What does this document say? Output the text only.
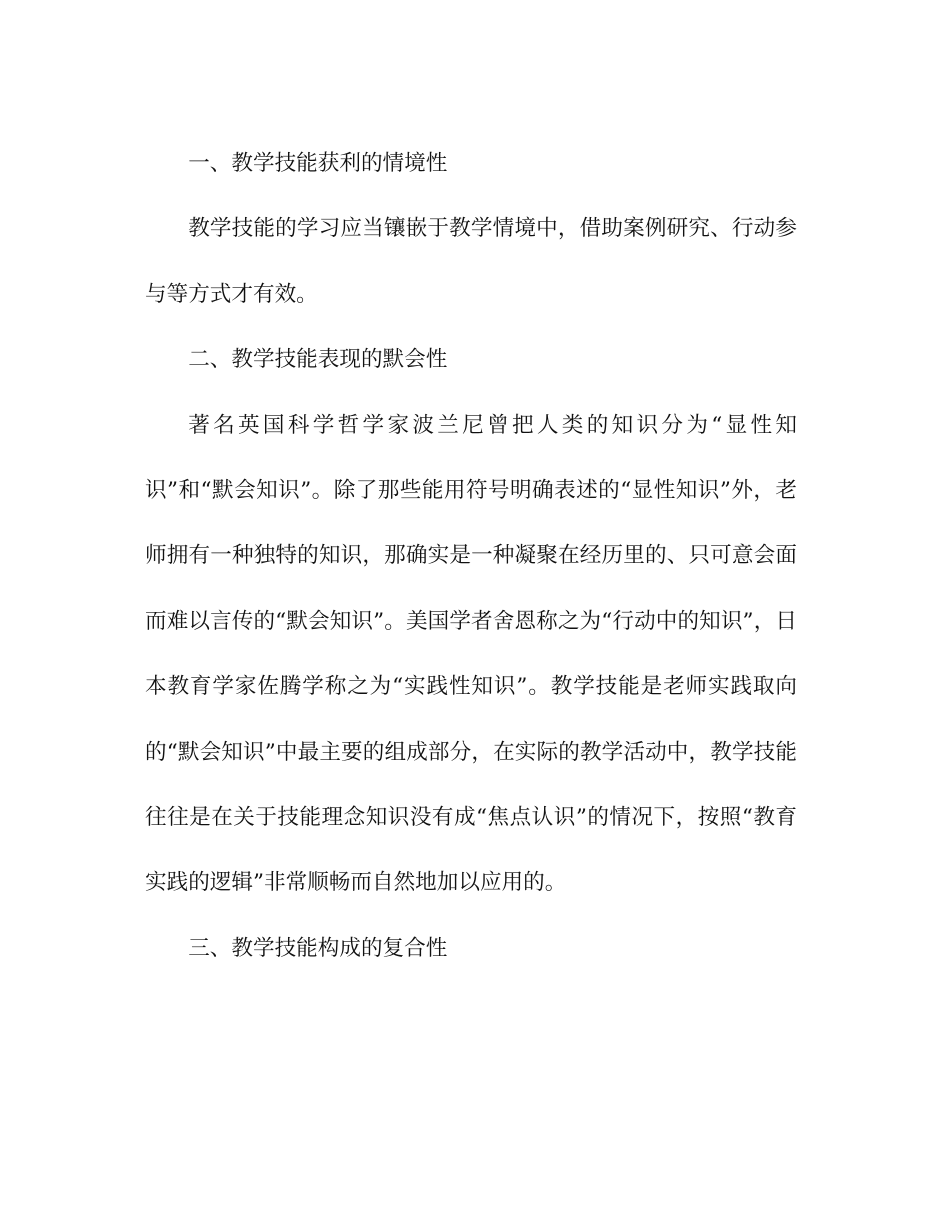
一、教学技能获利的情境性

教学技能的学习应当镶嵌于教学情境中，借助案例研究、行动参与等方式才有效。

二、教学技能表现的默会性

著名英国科学哲学家波兰尼曾把人类的知识分为“显性知识”和“默会知识”。除了那些能用符号明确表述的“显性知识”外，老师拥有一种独特的知识，那确实是一种凝聚在经历里的、只可意会面而难以言传的“默会知识”。美国学者舍恩称之为“行动中的知识”，日本教育学家佐腾学称之为“实践性知识”。教学技能是老师实践取向的“默会知识”中最主要的组成部分，在实际的教学活动中，教学技能往往是在关于技能理念知识没有成“焦点认识”的情况下，按照“教育实践的逻辑”非常顺畅而自然地加以应用的。

三、教学技能构成的复合性
